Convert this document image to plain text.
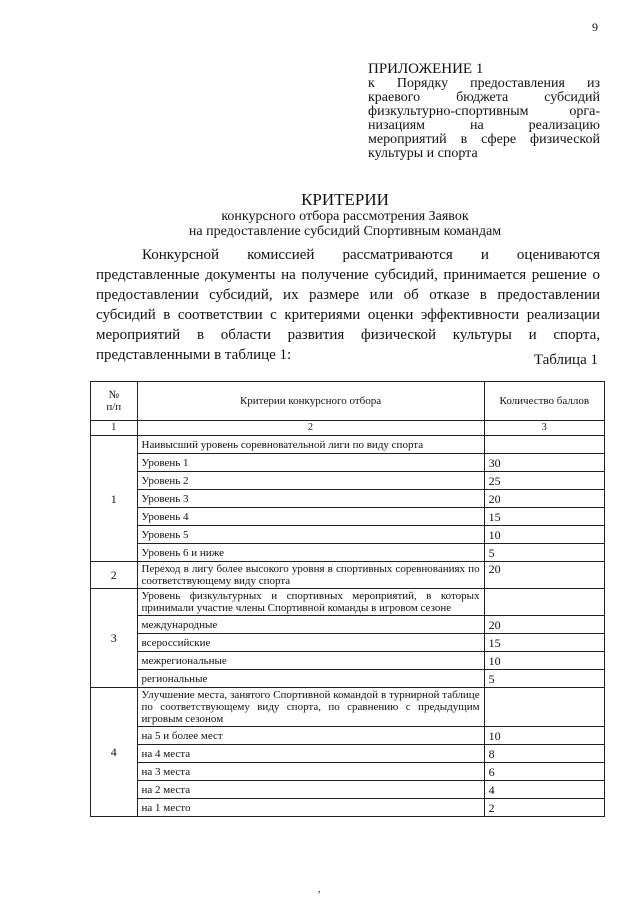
9
ПРИЛОЖЕНИЕ 1
к Порядку предоставления из
краевого бюджета субсидий
физкультурно-спортивным орга-
низациям на реализацию
мероприятий в сфере физической
культуры и спорта
КРИТЕРИИ
конкурсного отбора рассмотрения Заявок
на предоставление субсидий Спортивным командам
Конкурсной комиссией рассматриваются и оцениваются
представленные документы на получение субсидий, принимается решение о
предоставлении субсидий, их размере или об отказе в предоставлении
субсидий в соответствии с критериями оценки эффективности реализации
мероприятий в области развития физической культуры и спорта,
представленными в таблице 1:	Таблица 1
№
п/п	Критерии конкурсного отбора	Количество баллов
1	2	3
1	Наивысший уровень соревновательной лиги по виду спорта	
	Уровень 1	30
	Уровень 2	25
	Уровень 3	20
	Уровень 4	15
	Уровень 5	10
	Уровень 6 и ниже	5
2	Переход в лигу более высокого уровня в спортивных соревнованиях по соответствующему виду спорта	20
3	Уровень физкультурных и спортивных мероприятий, в которых принимали участие члены Спортивной команды в игровом сезоне	
	международные	20
	всероссийские	15
	межрегиональные	10
	региональные	5
4	Улучшение места, занятого Спортивной командой в турнирной таблице по соответствующему виду спорта, по сравнению с предыдущим игровым сезоном	
	на 5 и более мест	10
	на 4 места	8
	на 3 места	6
	на 2 места	4
	на 1 место	2
,
